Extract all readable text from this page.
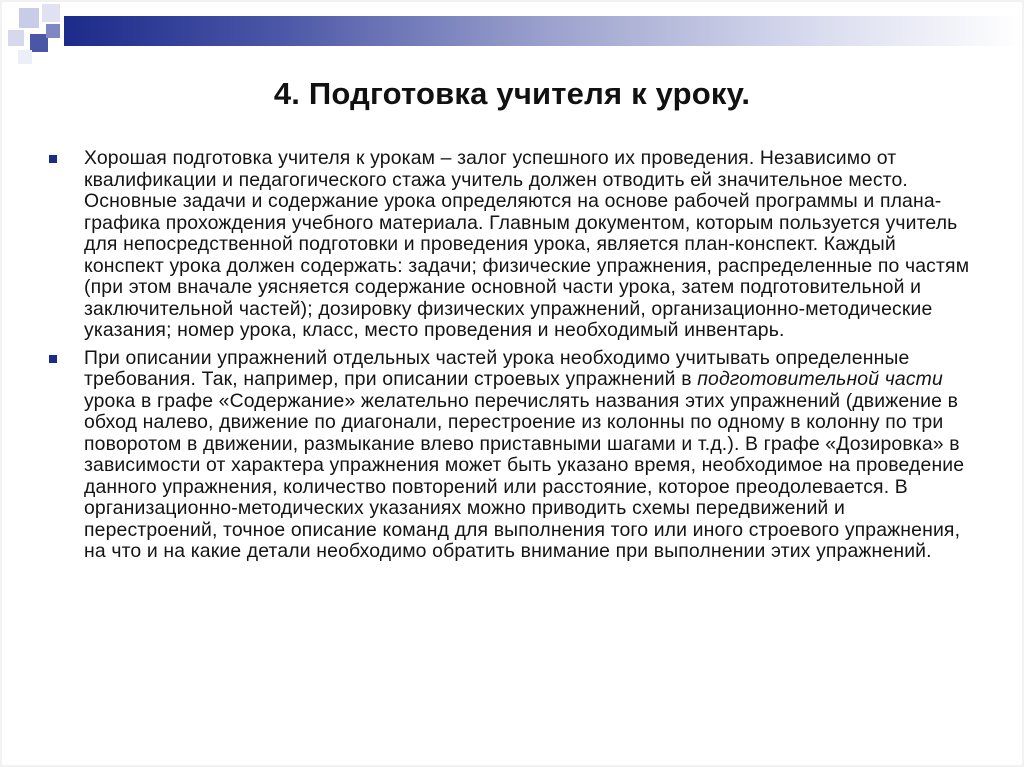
4. Подготовка учителя к уроку.

Хорошая подготовка учителя к урокам – залог успешного их проведения. Независимо от квалификации и педагогического стажа учитель должен отводить ей значительное место. Основные задачи и содержание урока определяются на основе рабочей программы и плана-графика прохождения учебного материала. Главным документом, которым пользуется учитель для непосредственной подготовки и проведения урока, является план-конспект. Каждый конспект урока должен содержать: задачи; физические упражнения, распределенные по частям (при этом вначале уясняется содержание основной части урока, затем подготовительной и заключительной частей); дозировку физических упражнений, организационно-методические указания; номер урока, класс, место проведения и необходимый инвентарь.

При описании упражнений отдельных частей урока необходимо учитывать определенные требования. Так, например, при описании строевых упражнений в подготовительной части урока в графе «Содержание» желательно перечислять названия этих упражнений (движение в обход налево, движение по диагонали, перестроение из колонны по одному в колонну по три поворотом в движении, размыкание влево приставными шагами и т.д.). В графе «Дозировка» в зависимости от характера упражнения может быть указано время, необходимое на проведение данного упражнения, количество повторений или расстояние, которое преодолевается. В организационно-методических указаниях можно приводить схемы передвижений и перестроений, точное описание команд для выполнения того или иного строевого упражнения, на что и на какие детали необходимо обратить внимание при выполнении этих упражнений.
